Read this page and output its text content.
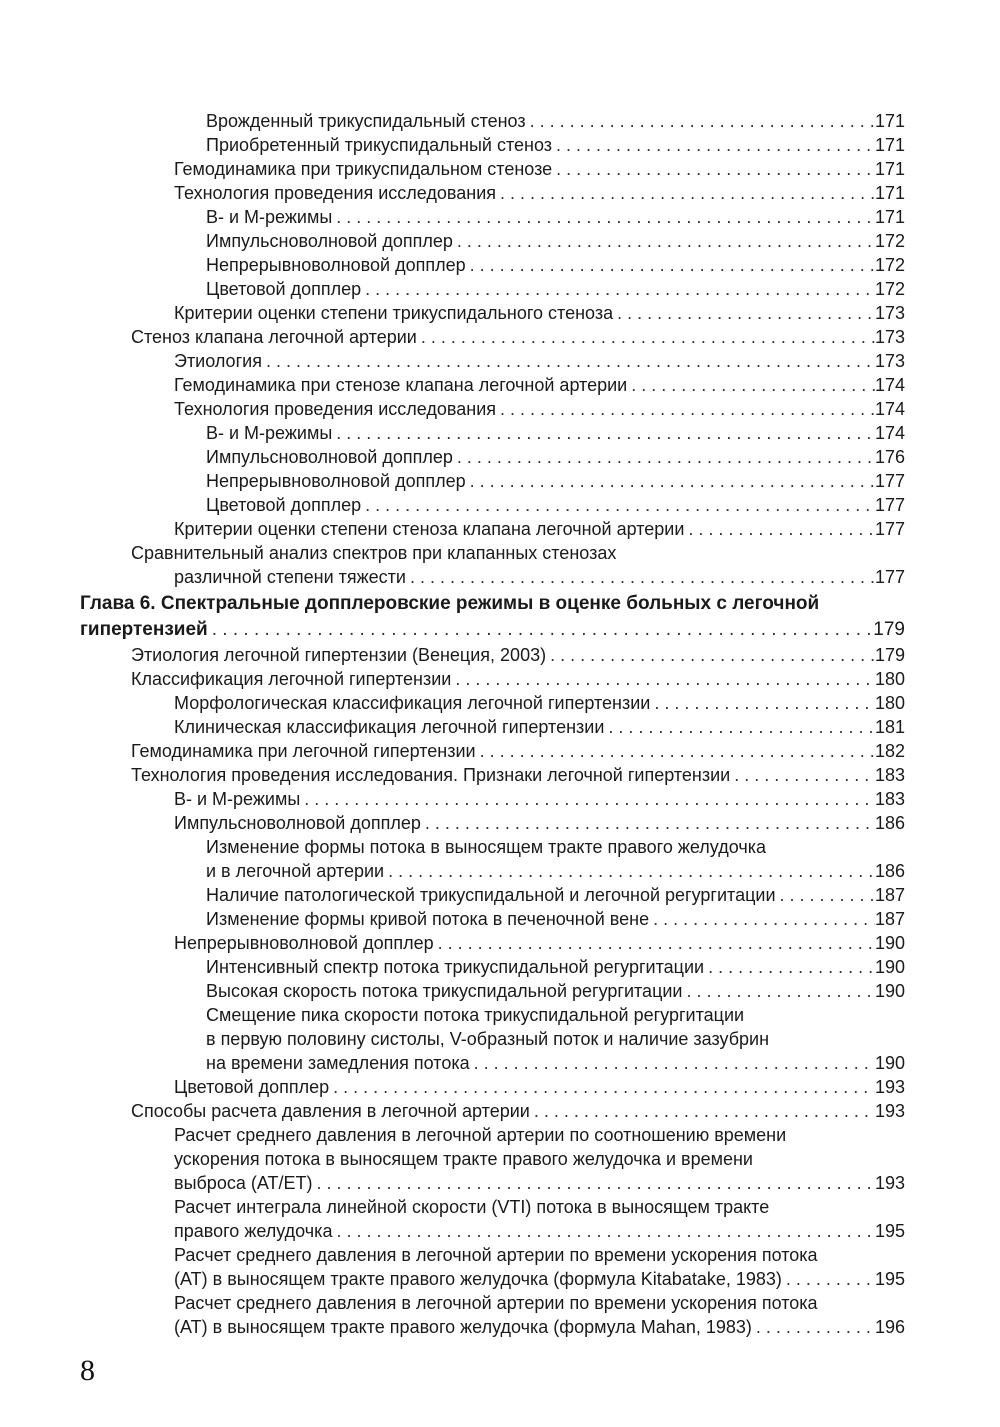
Врожденный трикуспидальный стеноз . . .	171
Приобретенный трикуспидальный стеноз . . .	171
Гемодинамика при трикуспидальном стенозе . . .	171
Технология проведения исследования . . .	171
В- и М-режимы . . .	171
Импульсноволновой допплер . . .	172
Непрерывноволновой допплер . . .	172
Цветовой допплер . . .	172
Критерии оценки степени трикуспидального стеноза . . .	173
Стеноз клапана легочной артерии . . .	173
Этиология . . .	173
Гемодинамика при стенозе клапана легочной артерии . . .	174
Технология проведения исследования . . .	174
В- и М-режимы . . .	174
Импульсноволновой допплер . . .	176
Непрерывноволновой допплер . . .	177
Цветовой допплер . . .	177
Критерии оценки степени стеноза клапана легочной артерии . . .	177
Сравнительный анализ спектров при клапанных стенозах
различной степени тяжести . . .	177
Глава 6. Спектральные допплеровские режимы в оценке больных с легочной
гипертензией . . .	179
Этиология легочной гипертензии (Венеция, 2003) . . .	179
Классификация легочной гипертензии . . .	180
Морфологическая классификация легочной гипертензии . . .	180
Клиническая классификация легочной гипертензии . . .	181
Гемодинамика при легочной гипертензии . . .	182
Технология проведения исследования. Признаки легочной гипертензии . . .	183
В- и М-режимы . . .	183
Импульсноволновой допплер . . .	186
Изменение формы потока в выносящем тракте правого желудочка
и в легочной артерии . . .	186
Наличие патологической трикуспидальной и легочной регургитации . . .	187
Изменение формы кривой потока в печеночной вене . . .	187
Непрерывноволновой допплер . . .	190
Интенсивный спектр потока трикуспидальной регургитации . . .	190
Высокая скорость потока трикуспидальной регургитации . . .	190
Смещение пика скорости потока трикуспидальной регургитации
в первую половину систолы, V-образный поток и наличие зазубрин
на времени замедления потока . . .	190
Цветовой допплер . . .	193
Способы расчета давления в легочной артерии . . .	193
Расчет среднего давления в легочной артерии по соотношению времени
ускорения потока в выносящем тракте правого желудочка и времени
выброса (AT/ET) . . .	193
Расчет интеграла линейной скорости (VTI) потока в выносящем тракте
правого желудочка . . .	195
Расчет среднего давления в легочной артерии по времени ускорения потока
(AT) в выносящем тракте правого желудочка (формула Kitabatake, 1983) . . .	195
Расчет среднего давления в легочной артерии по времени ускорения потока
(AT) в выносящем тракте правого желудочка (формула Mahan, 1983) . . .	196
8
